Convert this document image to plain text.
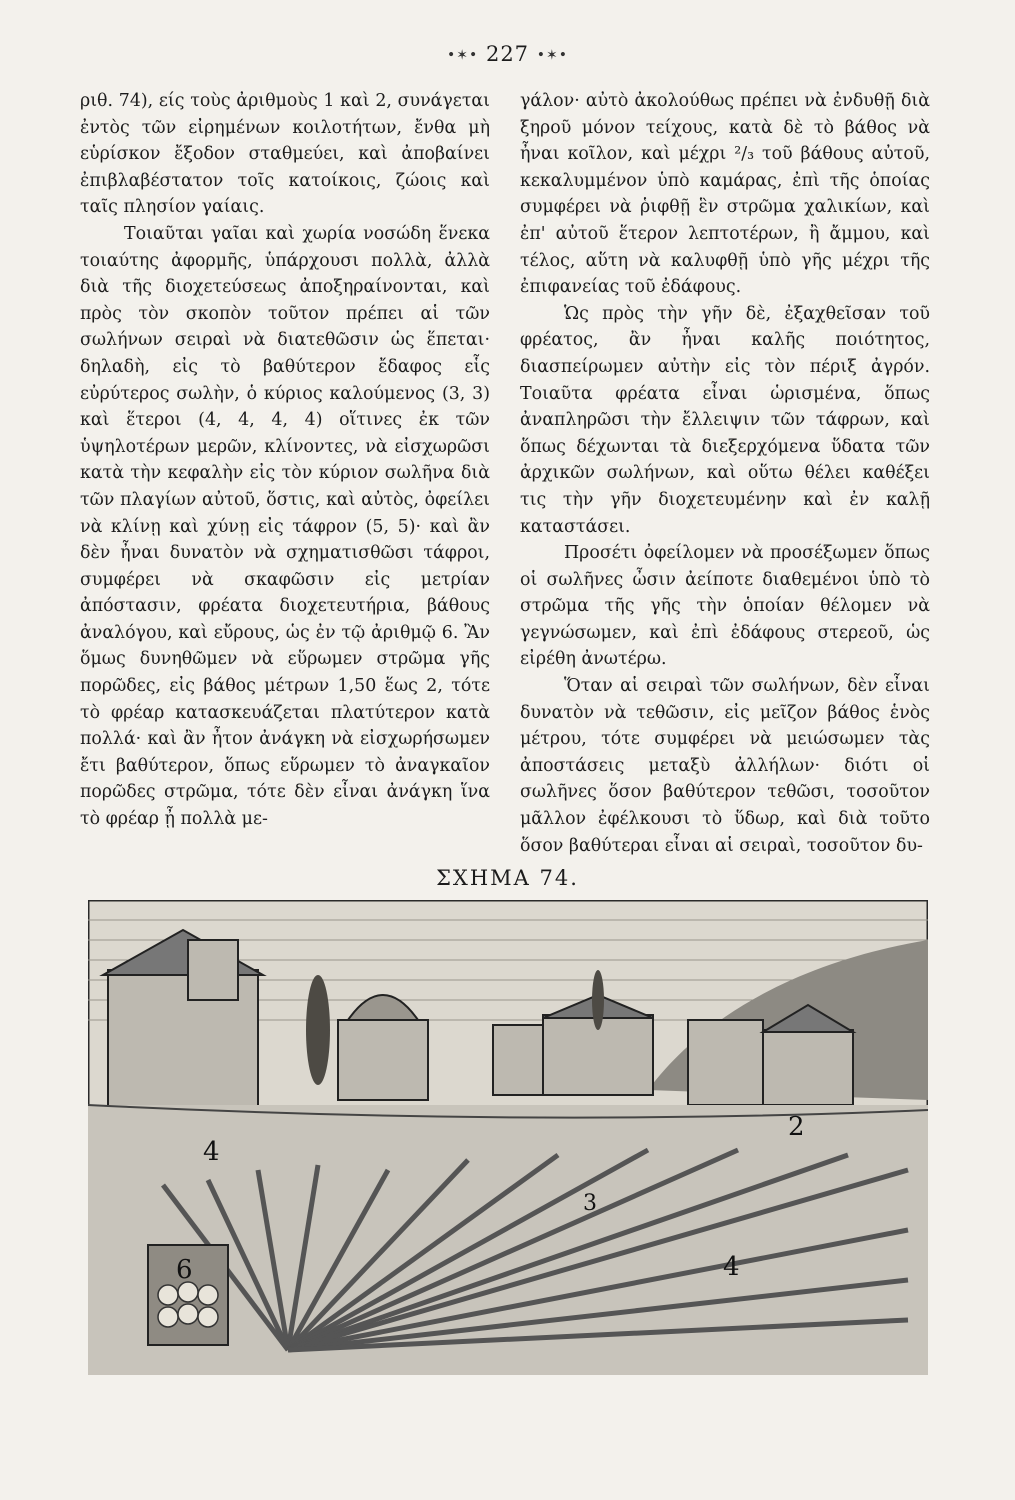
•✶• 227 •✶•

ριθ. 74), είς τοὺς ἀριθμοὺς 1 καὶ 2, συνάγεται ἐντὸς τῶν εἰρημένων κοιλοτήτων, ἔνθα μὴ εὑρίσκον ἔξοδον σταθμεύει, καὶ ἀποβαίνει ἐπιβλαβέστατον τοῖς κατοίκοις, ζώοις καὶ ταῖς πλησίον γαίαις.

Τοιαῦται γαῖαι καὶ χωρία νοσώδη ἕνεκα τοιαύτης ἀφορμῆς, ὑπάρχουσι πολλὰ, ἀλλὰ διὰ τῆς διοχετεύσεως ἀποξηραίνονται, καὶ πρὸς τὸν σκοπὸν τοῦτον πρέπει αἱ τῶν σωλήνων σειραὶ νὰ διατεθῶσιν ὡς ἕπεται· δηλαδὴ, εἰς τὸ βαθύτερον ἔδαφος εἷς εὐρύτερος σωλὴν, ὁ κύριος καλούμενος (3, 3) καὶ ἕτεροι (4, 4, 4, 4) οἵτινες ἐκ τῶν ὑψηλοτέρων μερῶν, κλίνοντες, νὰ εἰσχωρῶσι κατὰ τὴν κεφαλὴν εἰς τὸν κύριον σωλῆνα διὰ τῶν πλαγίων αὐτοῦ, ὅστις, καὶ αὐτὸς, ὀφείλει νὰ κλίνῃ καὶ χύνῃ εἰς τάφρον (5, 5)· καὶ ἂν δὲν ἦναι δυνατὸν νὰ σχηματισθῶσι τάφροι, συμφέρει νὰ σκαφῶσιν εἰς μετρίαν ἀπόστασιν, φρέατα διοχετευτήρια, βάθους ἀναλόγου, καὶ εὔρους, ὡς ἐν τῷ ἀριθμῷ 6. Ἂν ὅμως δυνηθῶμεν νὰ εὕρωμεν στρῶμα γῆς πορῶδες, εἰς βάθος μέτρων 1,50 ἕως 2, τότε τὸ φρέαρ κατασκευάζεται πλατύτερον κατὰ πολλά· καὶ ἂν ἦτον ἀνάγκη νὰ εἰσχωρήσωμεν ἔτι βαθύτερον, ὅπως εὕρωμεν τὸ ἀναγκαῖον πορῶδες στρῶμα, τότε δὲν εἶναι ἀνάγκη ἵνα τὸ φρέαρ ᾖ πολλὰ με-

γάλον· αὐτὸ ἀκολούθως πρέπει νὰ ἐνδυθῇ διὰ ξηροῦ μόνον τείχους, κατὰ δὲ τὸ βάθος νὰ ἦναι κοῖλον, καὶ μέχρι ²/₃ τοῦ βάθους αὐτοῦ, κεκαλυμμένον ὑπὸ καμάρας, ἐπὶ τῆς ὁποίας συμφέρει νὰ ῥιφθῇ ἓν στρῶμα χαλικίων, καὶ ἐπ' αὐτοῦ ἕτερον λεπτοτέρων, ἢ ἄμμου, καὶ τέλος, αὕτη νὰ καλυφθῇ ὑπὸ γῆς μέχρι τῆς ἐπιφανείας τοῦ ἐδάφους.

Ὡς πρὸς τὴν γῆν δὲ, ἐξαχθεῖσαν τοῦ φρέατος, ἂν ἦναι καλῆς ποιότητος, διασπείρωμεν αὐτὴν εἰς τὸν πέριξ ἀγρόν. Τοιαῦτα φρέατα εἶναι ὡρισμένα, ὅπως ἀναπληρῶσι τὴν ἔλλειψιν τῶν τάφρων, καὶ ὅπως δέχωνται τὰ διεξερχόμενα ὕδατα τῶν ἀρχικῶν σωλήνων, καὶ οὕτω θέλει καθέξει τις τὴν γῆν διοχετευμένην καὶ ἐν καλῇ καταστάσει.

Προσέτι ὀφείλομεν νὰ προσέξωμεν ὅπως οἱ σωλῆνες ὦσιν ἀείποτε διαθεμένοι ὑπὸ τὸ στρῶμα τῆς γῆς τὴν ὁποίαν θέλομεν νὰ γεγνώσωμεν, καὶ ἐπὶ ἐδάφους στερεοῦ, ὡς εἰρέθη ἀνωτέρω.

Ὅταν αἱ σειραὶ τῶν σωλήνων, δὲν εἶναι δυνατὸν νὰ τεθῶσιν, εἰς μεῖζον βάθος ἑνὸς μέτρου, τότε συμφέρει νὰ μειώσωμεν τὰς ἀποστάσεις μεταξὺ ἀλλήλων· διότι οἱ σωλῆνες ὅσον βαθύτερον τεθῶσι, τοσοῦτον μᾶλλον ἐφέλκουσι τὸ ὕδωρ, καὶ διὰ τοῦτο ὅσον βαθύτεραι εἶναι αἱ σειραὶ, τοσοῦτον δυ-

ΣΧΗΜΑ 74.
4
2
3
4
6
